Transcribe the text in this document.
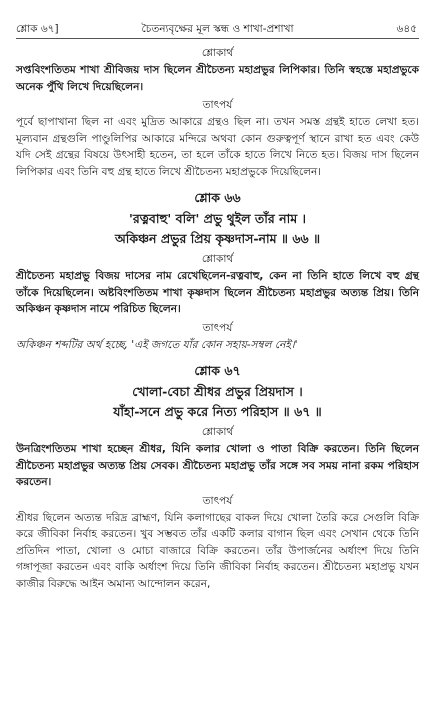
শ্লোক ৬৭]	চৈতন্যবৃক্ষের মূল স্কন্ধ ও শাখা-প্রশাখা	৬৪৫
শ্লোকার্থ
সপ্তবিংশতিতম শাখা শ্রীবিজয় দাস ছিলেন শ্রীচৈতন্য মহাপ্রভুর লিপিকার। তিনি স্বহস্তে মহাপ্রভুকে অনেক পুঁথি লিখে দিয়েছিলেন।
তাৎপর্য
পূর্বে ছাপাখানা ছিল না এবং মুদ্রিত আকারে গ্রন্থও ছিল না। তখন সমস্ত গ্রন্থই হাতে লেখা হত। মূল্যবান গ্রন্থগুলি পাণ্ডুলিপির আকারে মন্দিরে অথবা কোন গুরুত্বপূর্ণ স্থানে রাখা হত এবং কেউ যদি সেই গ্রন্থের বিষয়ে উৎসাহী হতেন, তা হলে তাঁকে হাতে লিখে নিতে হত। বিজয় দাস ছিলেন লিপিকার এবং তিনি বহু গ্রন্থ হাতে লিখে শ্রীচৈতন্য মহাপ্রভুকে দিয়েছিলেন।
শ্লোক ৬৬
'রত্নবাহু' বলি' প্রভু থুইল তাঁর নাম ।
অকিঞ্চন প্রভুর প্রিয় কৃষ্ণদাস-নাম ॥ ৬৬ ॥
শ্লোকার্থ
শ্রীচৈতন্য মহাপ্রভু বিজয় দাসের নাম রেখেছিলেন-রত্নবাহু, কেন না তিনি হাতে লিখে বহু গ্রন্থ তাঁকে দিয়েছিলেন। অষ্টবিংশতিতম শাখা কৃষ্ণদাস ছিলেন শ্রীচৈতন্য মহাপ্রভুর অত্যন্ত প্রিয়। তিনি অকিঞ্চন কৃষ্ণদাস নামে পরিচিত ছিলেন।
তাৎপর্য
অকিঞ্চন শব্দটির অর্থ হচ্ছে, 'এই জগতে যাঁর কোন সহায়-সম্বল নেই।'
শ্লোক ৬৭
খোলা-বেচা শ্রীধর প্রভুর প্রিয়দাস ।
যাঁহা-সনে প্রভু করে নিত্য পরিহাস ॥ ৬৭ ॥
শ্লোকার্থ
উনত্রিংশতিতম শাখা হচ্ছেন শ্রীধর, যিনি কলার খোলা ও পাতা বিক্রি করতেন। তিনি ছিলেন শ্রীচৈতন্য মহাপ্রভুর অত্যন্ত প্রিয় সেবক। শ্রীচৈতন্য মহাপ্রভু তাঁর সঙ্গে সব সময় নানা রকম পরিহাস করতেন।
তাৎপর্য
শ্রীধর ছিলেন অত্যন্ত দরিদ্র ব্রাহ্মণ, যিনি কলাগাছের বাকল দিয়ে খোলা তৈরি করে সেগুলি বিক্রি করে জীবিকা নির্বাহ করতেন। খুব সম্ভবত তাঁর একটি কলার বাগান ছিল এবং সেখান থেকে তিনি প্রতিদিন পাতা, খোলা ও মোচা বাজারে বিক্রি করতেন। তাঁর উপার্জনের অর্ধাংশ দিয়ে তিনি গঙ্গাপূজা করতেন এবং বাকি অর্ধাংশ দিয়ে তিনি জীবিকা নির্বাহ করতেন। শ্রীচৈতন্য মহাপ্রভু যখন কাজীর বিরুদ্ধে আইন অমান্য আন্দোলন করেন,
